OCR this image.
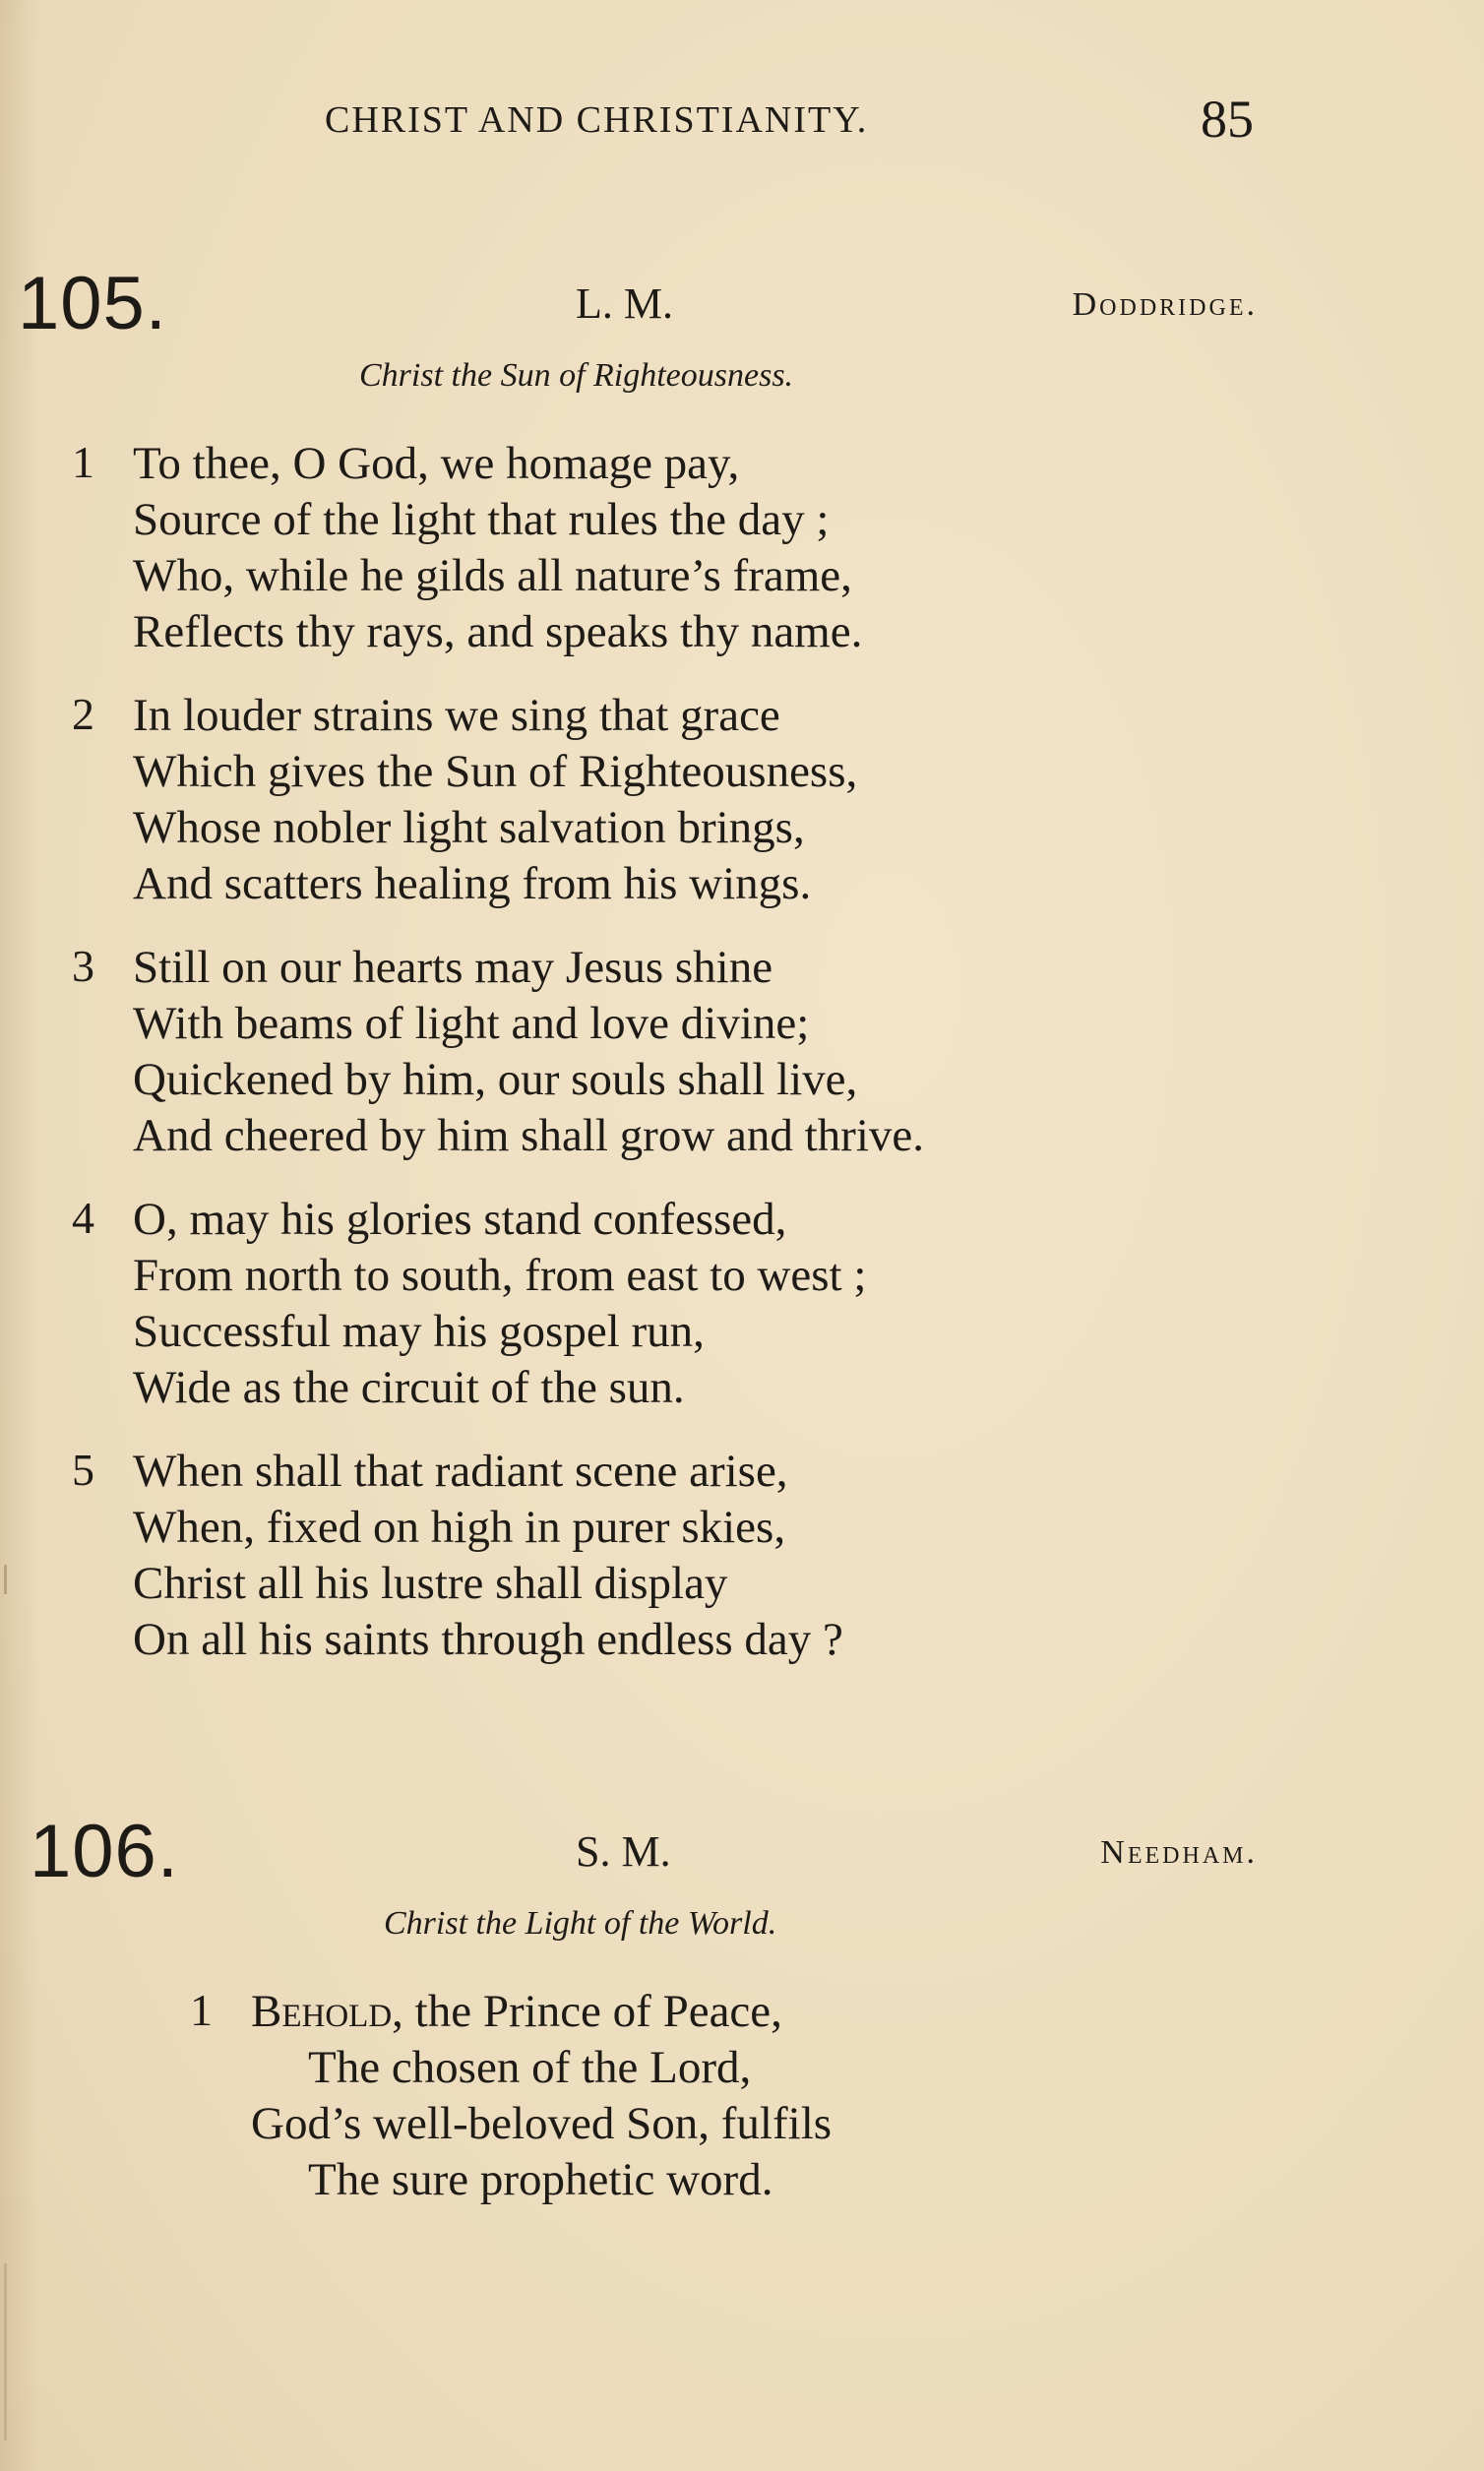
CHRIST AND CHRISTIANITY.	85
105.	L. M.	Doddridge.
Christ the Sun of Righteousness.
1 To thee, O God, we homage pay,
Source of the light that rules the day ;
Who, while he gilds all nature’s frame,
Reflects thy rays, and speaks thy name.
2 In louder strains we sing that grace
Which gives the Sun of Righteousness,
Whose nobler light salvation brings,
And scatters healing from his wings.
3 Still on our hearts may Jesus shine
With beams of light and love divine;
Quickened by him, our souls shall live,
And cheered by him shall grow and thrive.
4 O, may his glories stand confessed,
From north to south, from east to west ;
Successful may his gospel run,
Wide as the circuit of the sun.
5 When shall that radiant scene arise,
When, fixed on high in purer skies,
Christ all his lustre shall display
On all his saints through endless day ?
106.	S. M.	Needham.
Christ the Light of the World.
1 Behold, the Prince of Peace,
The chosen of the Lord,
God’s well-beloved Son, fulfils
The sure prophetic word.
